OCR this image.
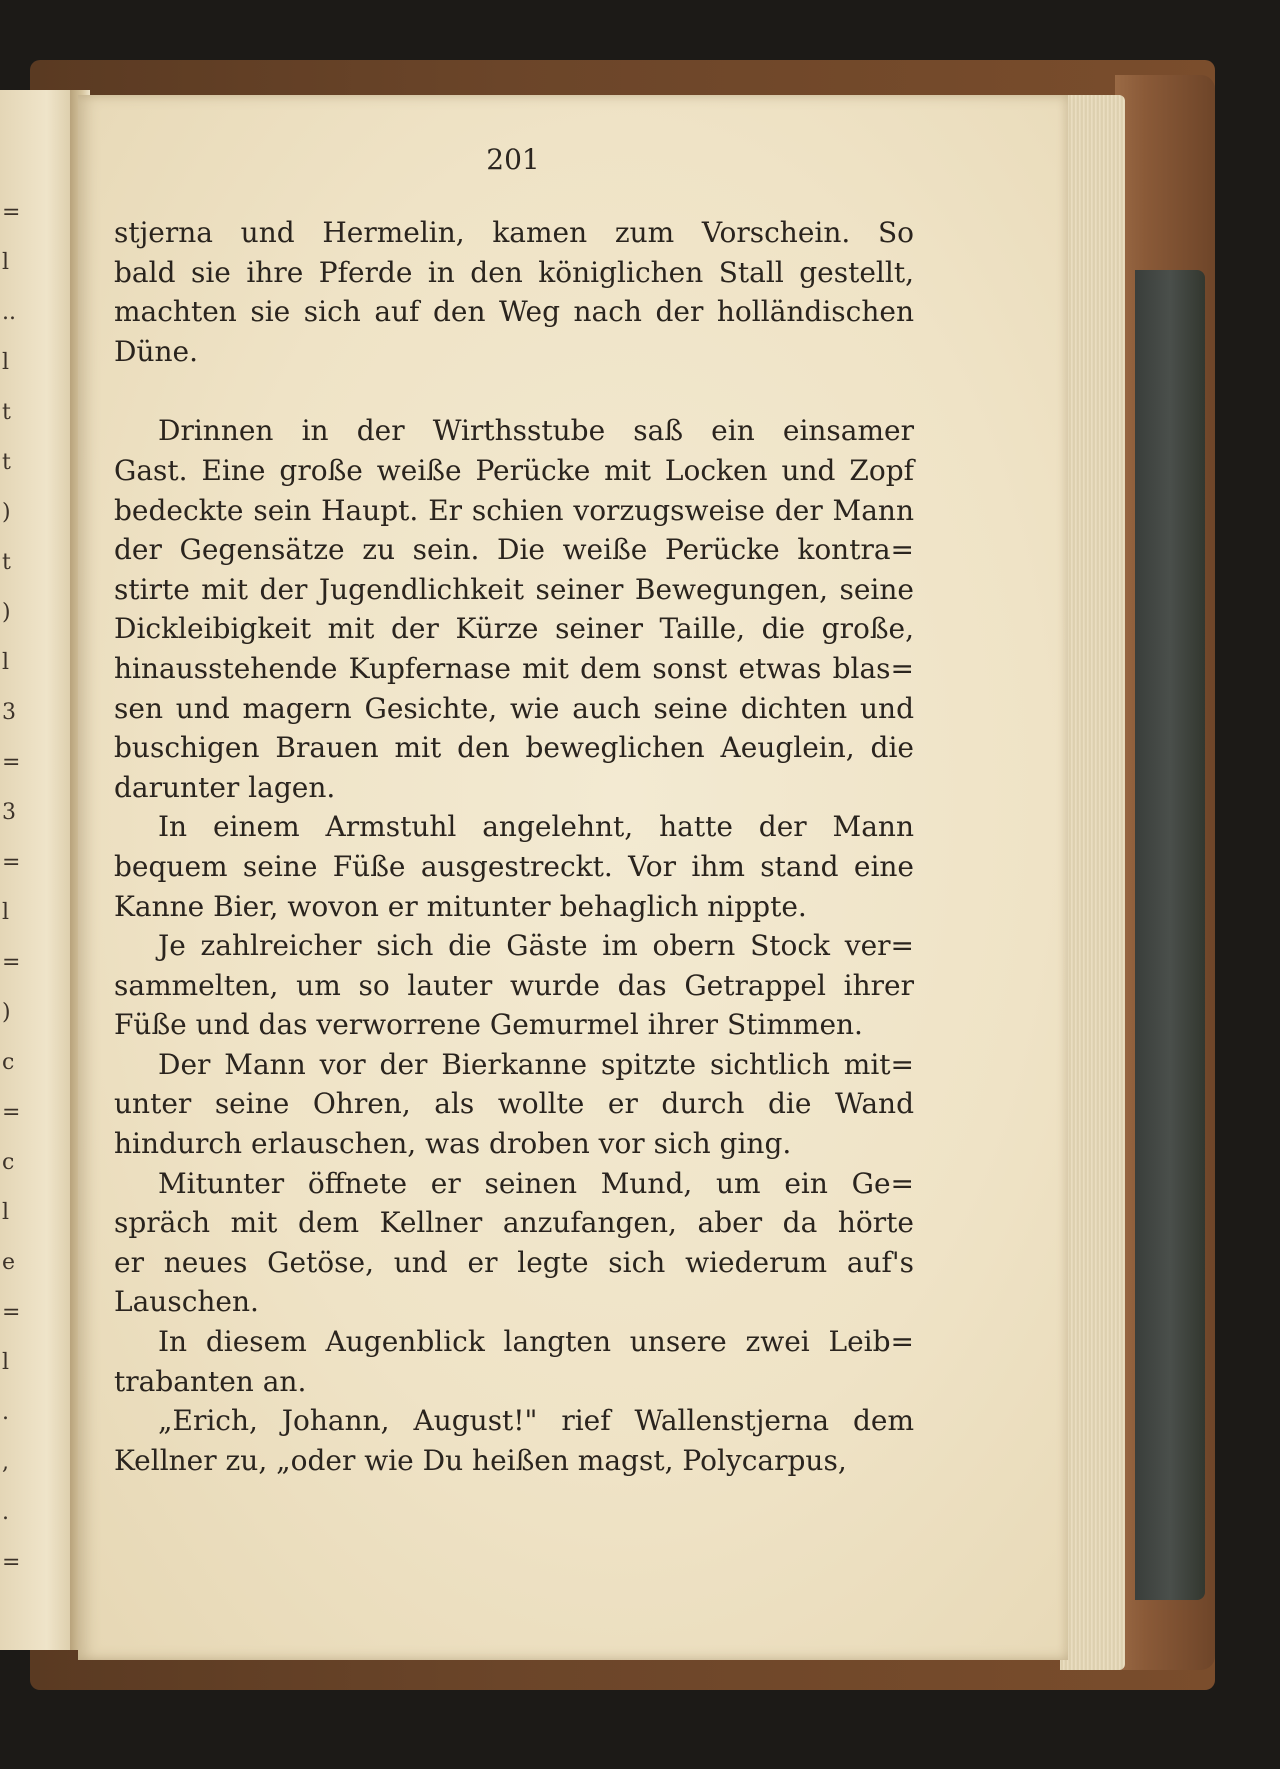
=
l
..
l
t
t
)
t
)
l
3
=
3
=
l
=
)
c
=
c
l
e
=
l
.
,
.
=
201
stjerna und Hermelin, kamen zum Vorschein. So
bald sie ihre Pferde in den königlichen Stall gestellt,
machten sie sich auf den Weg nach der holländischen
Düne.
Drinnen in der Wirthsstube saß ein einsamer
Gast. Eine große weiße Perücke mit Locken und Zopf
bedeckte sein Haupt. Er schien vorzugsweise der Mann
der Gegensätze zu sein. Die weiße Perücke kontra=
stirte mit der Jugendlichkeit seiner Bewegungen, seine
Dickleibigkeit mit der Kürze seiner Taille, die große,
hinausstehende Kupfernase mit dem sonst etwas blas=
sen und magern Gesichte, wie auch seine dichten und
buschigen Brauen mit den beweglichen Aeuglein, die
darunter lagen.
In einem Armstuhl angelehnt, hatte der Mann
bequem seine Füße ausgestreckt. Vor ihm stand eine
Kanne Bier, wovon er mitunter behaglich nippte.
Je zahlreicher sich die Gäste im obern Stock ver=
sammelten, um so lauter wurde das Getrappel ihrer
Füße und das verworrene Gemurmel ihrer Stimmen.
Der Mann vor der Bierkanne spitzte sichtlich mit=
unter seine Ohren, als wollte er durch die Wand
hindurch erlauschen, was droben vor sich ging.
Mitunter öffnete er seinen Mund, um ein Ge=
spräch mit dem Kellner anzufangen, aber da hörte
er neues Getöse, und er legte sich wiederum auf's
Lauschen.
In diesem Augenblick langten unsere zwei Leib=
trabanten an.
„Erich, Johann, August!" rief Wallenstjerna dem
Kellner zu, „oder wie Du heißen magst, Polycarpus,
